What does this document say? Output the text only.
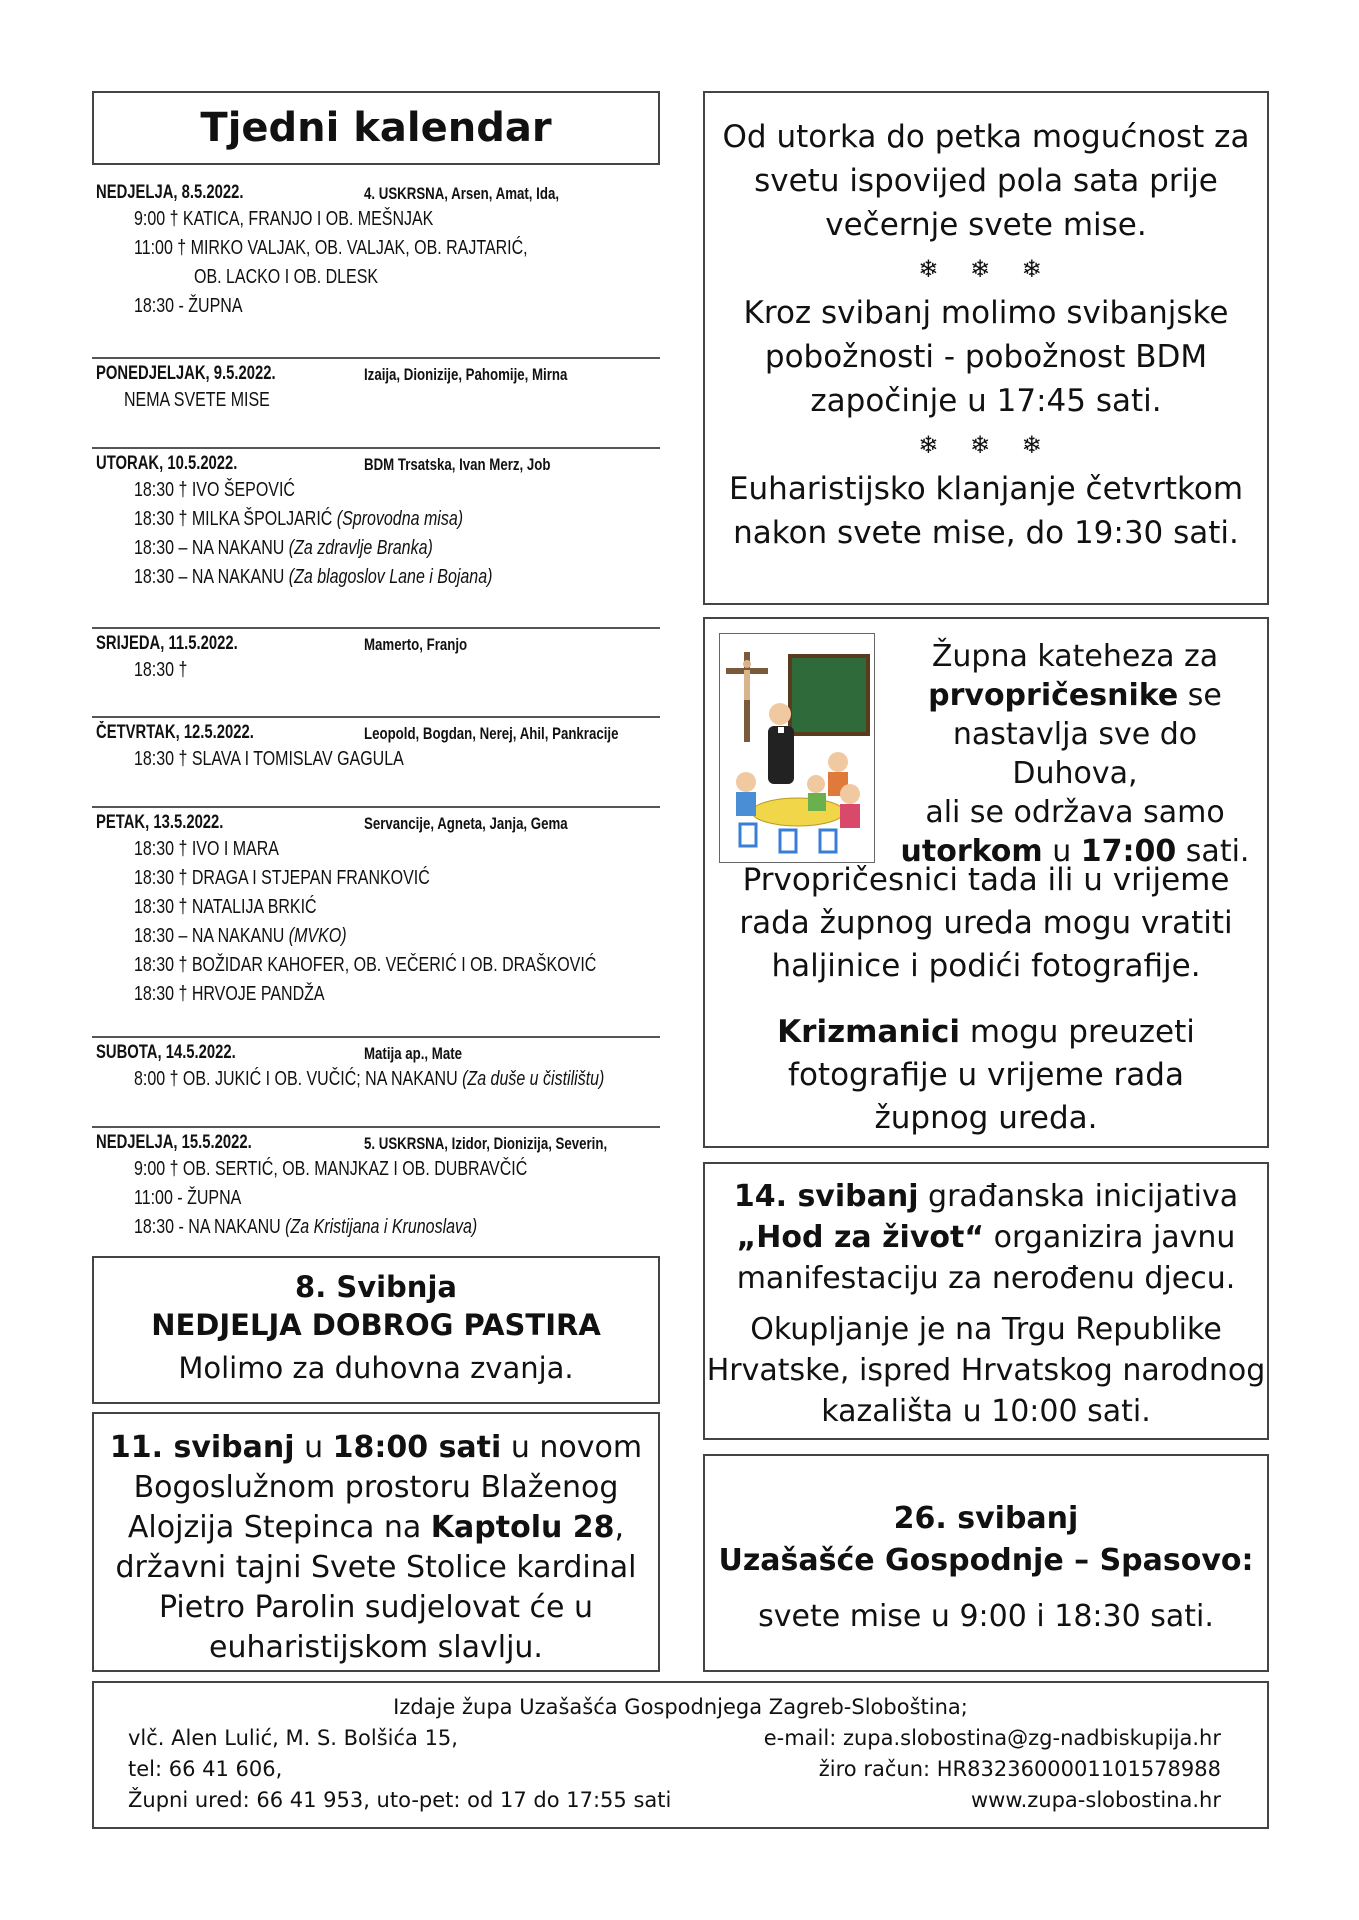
Tjedni kalendar
NEDJELJA, 8.5.2022.	4. USKRSNA, Arsen, Amat, Ida,
9:00 † KATICA, FRANJO I OB. MEŠNJAK
11:00 † MIRKO VALJAK, OB. VALJAK, OB. RAJTARIĆ,
OB. LACKO I OB. DLESK
18:30 - ŽUPNA
PONEDJELJAK, 9.5.2022.	Izaija, Dionizije, Pahomije, Mirna
NEMA SVETE MISE
UTORAK, 10.5.2022.	BDM Trsatska, Ivan Merz, Job
18:30 † IVO ŠEPOVIĆ
18:30 † MILKA ŠPOLJARIĆ (Sprovodna misa)
18:30 – NA NAKANU (Za zdravlje Branka)
18:30 – NA NAKANU (Za blagoslov Lane i Bojana)
SRIJEDA, 11.5.2022.	Mamerto, Franjo
18:30 †
ČETVRTAK, 12.5.2022.	Leopold, Bogdan, Nerej, Ahil, Pankracije
18:30 † SLAVA I TOMISLAV GAGULA
PETAK, 13.5.2022.	Servancije, Agneta, Janja, Gema
18:30 † IVO I MARA
18:30 † DRAGA I STJEPAN FRANKOVIĆ
18:30 † NATALIJA BRKIĆ
18:30 – NA NAKANU (MVKO)
18:30 † BOŽIDAR KAHOFER, OB. VEČERIĆ I OB. DRAŠKOVIĆ
18:30 † HRVOJE PANDŽA
SUBOTA, 14.5.2022.	Matija ap., Mate
8:00 † OB. JUKIĆ I OB. VUČIĆ; NA NAKANU (Za duše u čistilištu)
NEDJELJA, 15.5.2022.	5. USKRSNA, Izidor, Dionizija, Severin,
9:00 † OB. SERTIĆ, OB. MANJKAZ I OB. DUBRAVČIĆ
11:00 - ŽUPNA
18:30 - NA NAKANU (Za Kristijana i Krunoslava)
Od utorka do petka mogućnost za
svetu ispovijed pola sata prije
večernje svete mise.
❄ ❄ ❄
Kroz svibanj molimo svibanjske
pobožnosti - pobožnost BDM
započinje u 17:45 sati.
❄ ❄ ❄
Euharistijsko klanjanje četvrtkom
nakon svete mise, do 19:30 sati.
Župna kateheza za
prvopričesnike se
nastavlja sve do Duhova,
ali se održava samo
utorkom u 17:00 sati.
Prvopričesnici tada ili u vrijeme
rada župnog ureda mogu vratiti
haljinice i podići fotografije.
Krizmanici mogu preuzeti
fotografije u vrijeme rada
župnog ureda.
8. Svibnja
NEDJELJA DOBROG PASTIRA
Molimo za duhovna zvanja.
11. svibanj u 18:00 sati u novom
Bogoslužnom prostoru Blaženog
Alojzija Stepinca na Kaptolu 28,
državni tajni Svete Stolice kardinal
Pietro Parolin sudjelovat će u
euharistijskom slavlju.
14. svibanj građanska inicijativa
„Hod za život“ organizira javnu
manifestaciju za nerođenu djecu.
Okupljanje je na Trgu Republike
Hrvatske, ispred Hrvatskog narodnog
kazališta u 10:00 sati.
26. svibanj
Uzašašće Gospodnje – Spasovo:
svete mise u 9:00 i 18:30 sati.
Izdaje župa Uzašašća Gospodnjega Zagreb-Sloboština;
vlč. Alen Lulić, M. S. Bolšića 15,
tel: 66 41 606,
Župni ured: 66 41 953, uto-pet: od 17 do 17:55 sati
e-mail: zupa.slobostina@zg-nadbiskupija.hr
žiro račun: HR8323600001101578988
www.zupa-slobostina.hr
